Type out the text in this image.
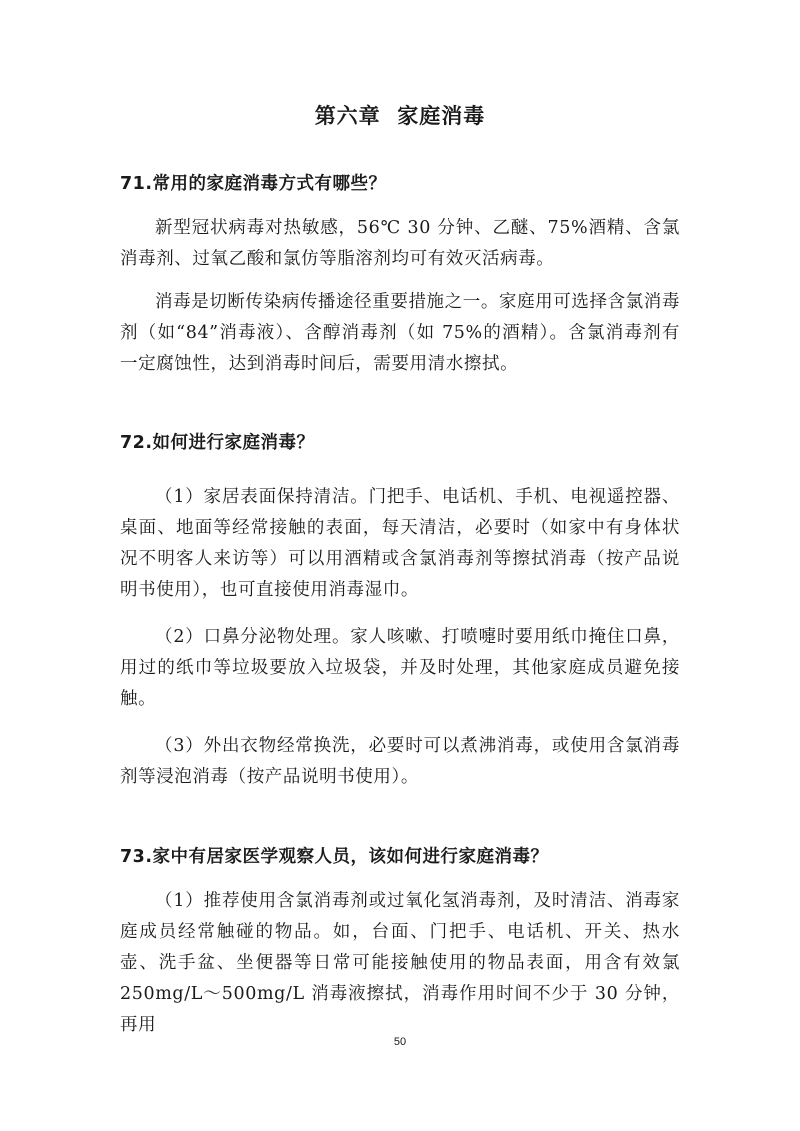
第六章  家庭消毒
71.常用的家庭消毒方式有哪些？
新型冠状病毒对热敏感，56℃ 30 分钟、乙醚、75%酒精、含氯消毒剂、过氧乙酸和氯仿等脂溶剂均可有效灭活病毒。
消毒是切断传染病传播途径重要措施之一。家庭用可选择含氯消毒剂（如“84”消毒液）、含醇消毒剂（如 75%的酒精）。含氯消毒剂有一定腐蚀性，达到消毒时间后，需要用清水擦拭。
72.如何进行家庭消毒？
（1）家居表面保持清洁。门把手、电话机、手机、电视遥控器、桌面、地面等经常接触的表面，每天清洁，必要时（如家中有身体状况不明客人来访等）可以用酒精或含氯消毒剂等擦拭消毒（按产品说明书使用），也可直接使用消毒湿巾。
（2）口鼻分泌物处理。家人咳嗽、打喷嚏时要用纸巾掩住口鼻，用过的纸巾等垃圾要放入垃圾袋，并及时处理，其他家庭成员避免接触。
（3）外出衣物经常换洗，必要时可以煮沸消毒，或使用含氯消毒剂等浸泡消毒（按产品说明书使用）。
73.家中有居家医学观察人员，该如何进行家庭消毒？
（1）推荐使用含氯消毒剂或过氧化氢消毒剂，及时清洁、消毒家庭成员经常触碰的物品。如，台面、门把手、电话机、开关、热水壶、洗手盆、坐便器等日常可能接触使用的物品表面，用含有效氯250mg/L～500mg/L 消毒液擦拭，消毒作用时间不少于 30 分钟，再用
50
